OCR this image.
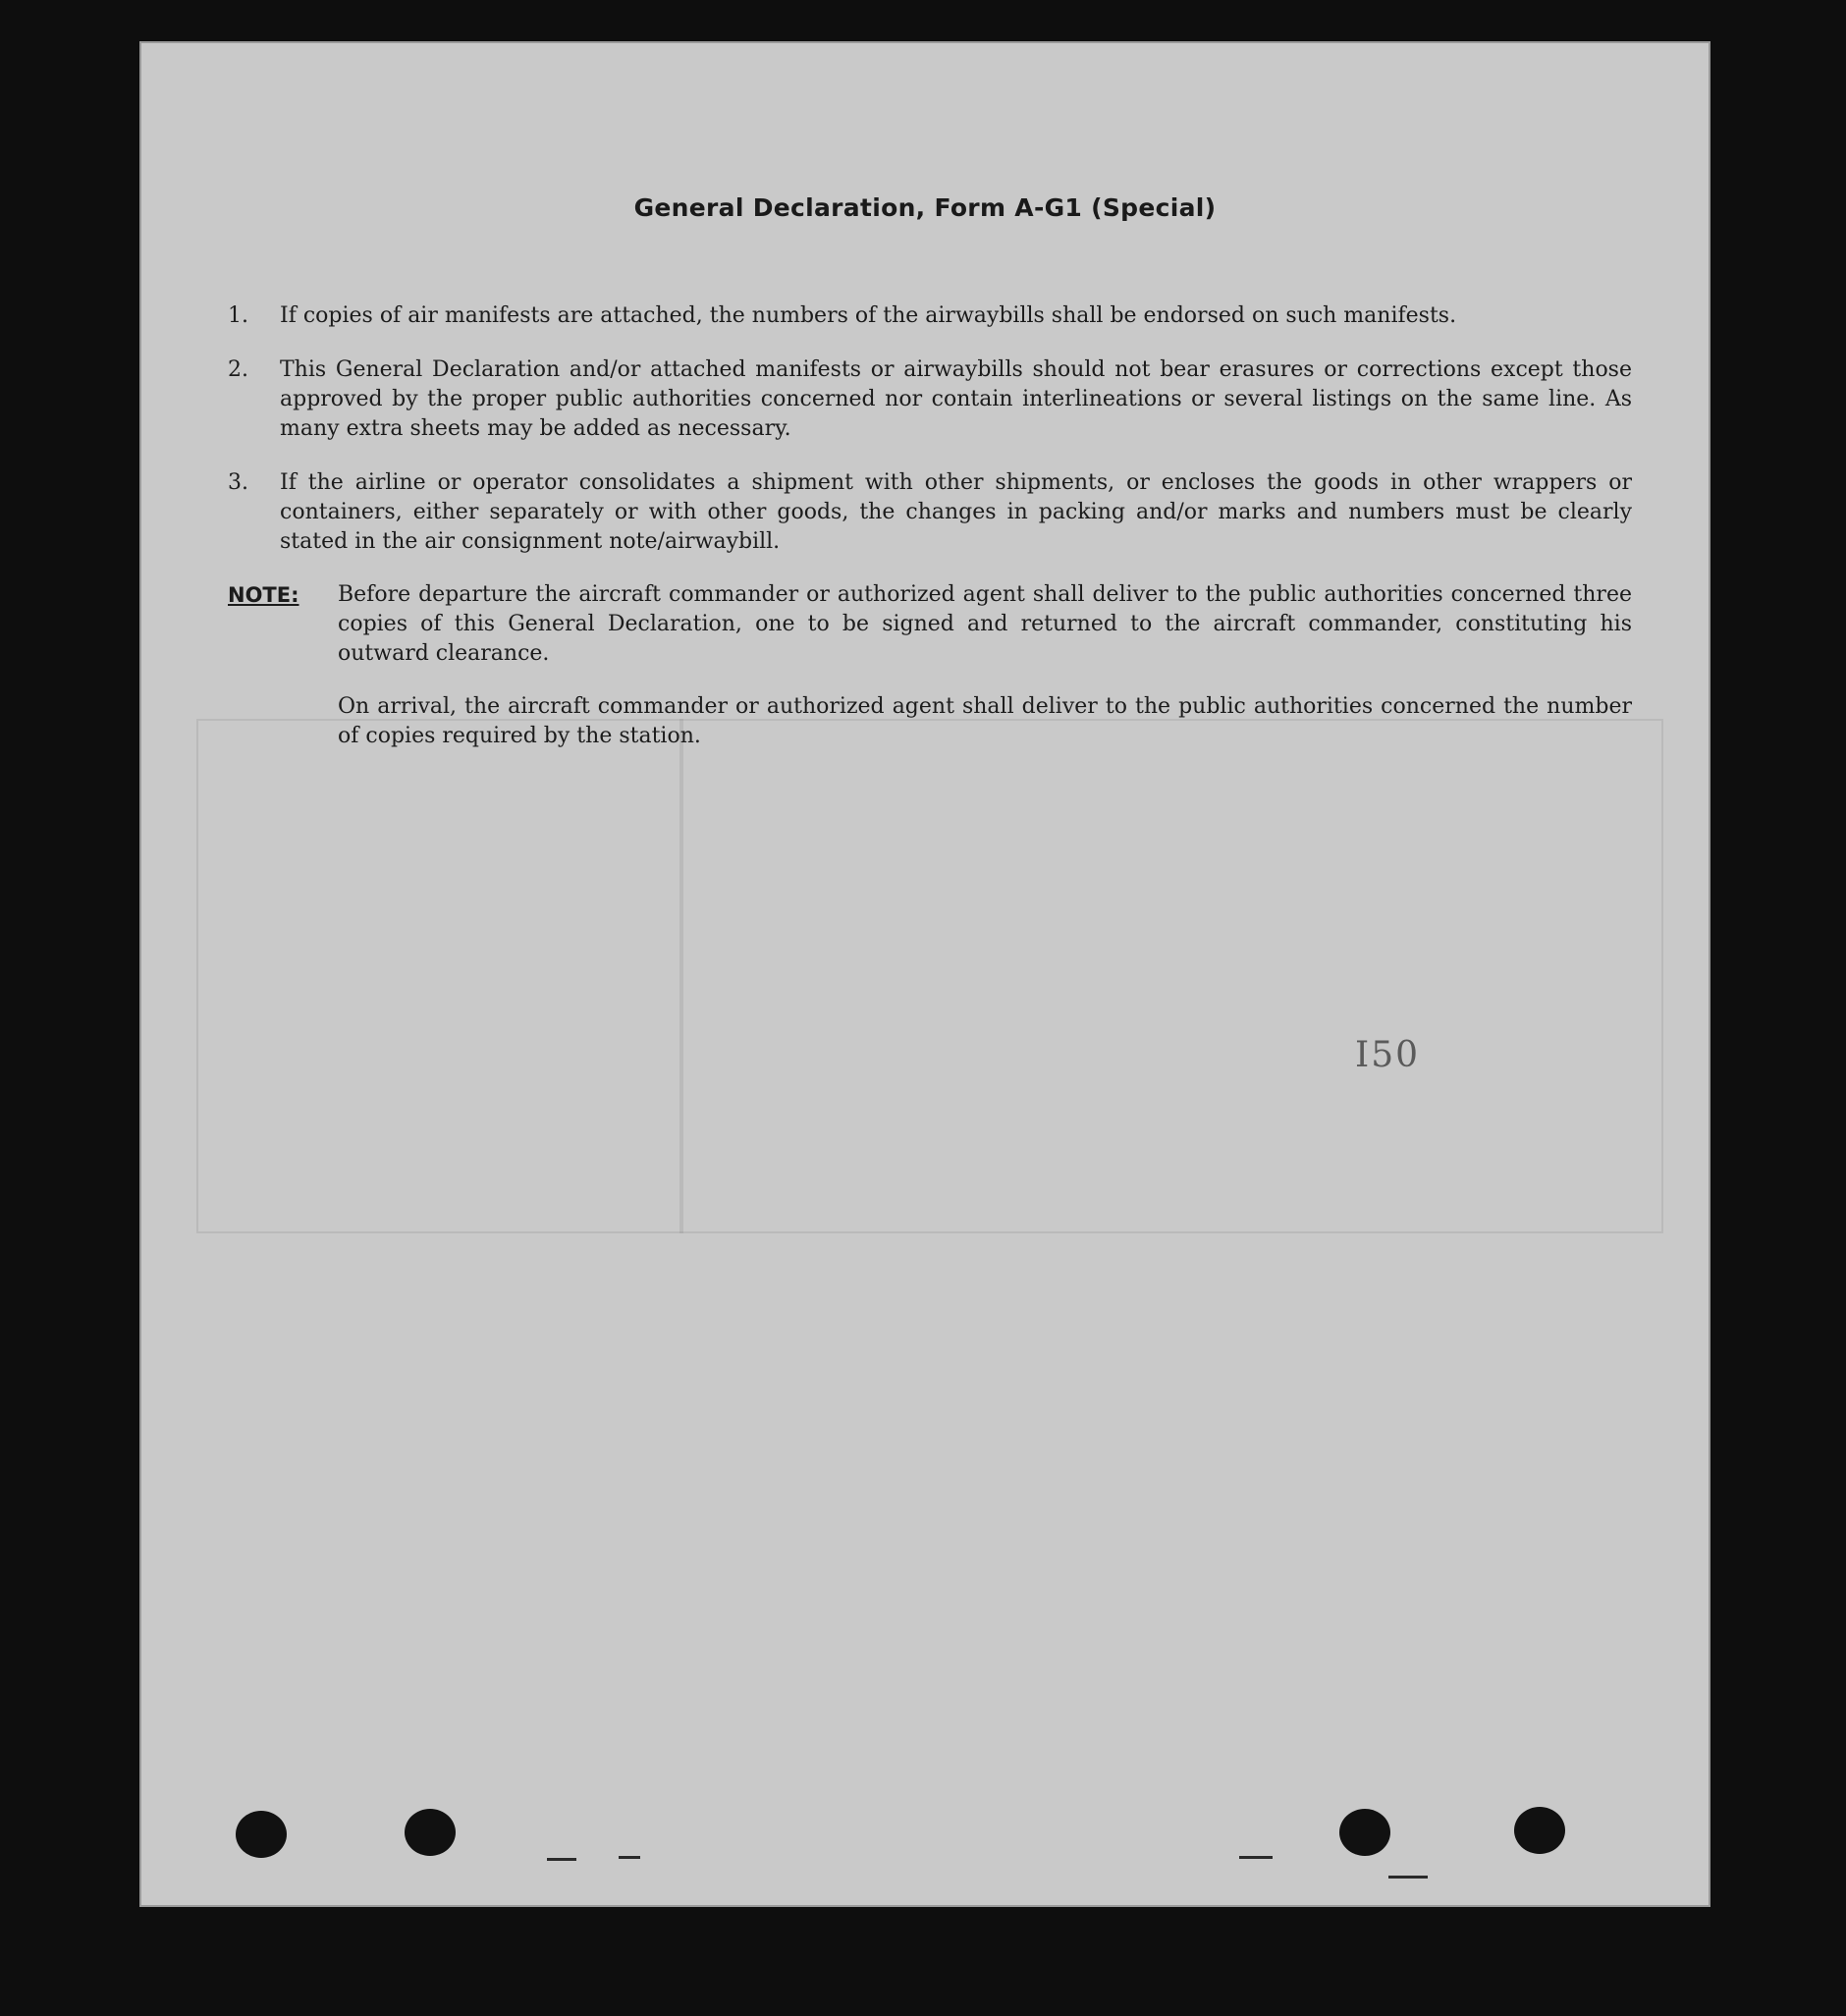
General Declaration, Form A-G1 (Special)
1.	If copies of air manifests are attached, the numbers of the airwaybills shall be endorsed on such manifests.
2.	This General Declaration and/or attached manifests or airwaybills should not bear erasures or corrections except those approved by the proper public authorities concerned nor contain interlineations or several listings on the same line. As many extra sheets may be added as necessary.
3.	If the airline or operator consolidates a shipment with other shipments, or encloses the goods in other wrappers or containers, either separately or with other goods, the changes in packing and/or marks and numbers must be clearly stated in the air consignment note/airwaybill.
NOTE:	Before departure the aircraft commander or authorized agent shall deliver to the public authorities concerned three copies of this General Declaration, one to be signed and returned to the aircraft commander, constituting his outward clearance.
On arrival, the aircraft commander or authorized agent shall deliver to the public authorities concerned the number of copies required by the station.
I50
